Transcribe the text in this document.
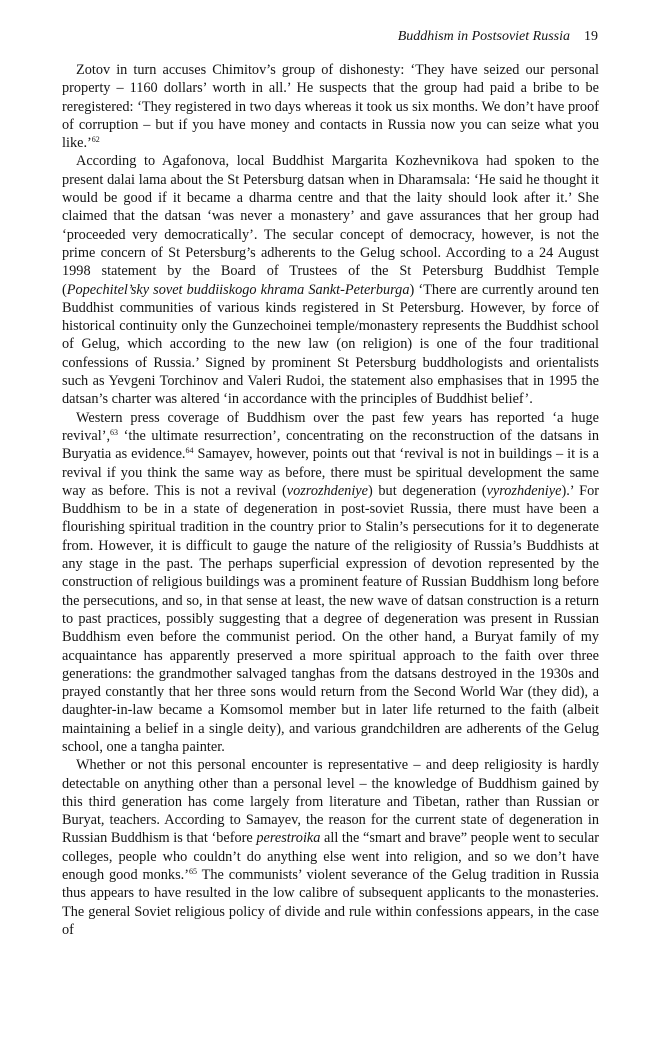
Buddhism in Postsoviet Russia 19

Zotov in turn accuses Chimitov’s group of dishonesty: ‘They have seized our personal property – 1160 dollars’ worth in all.’ He suspects that the group had paid a bribe to be reregistered: ‘They registered in two days whereas it took us six months. We don’t have proof of corruption – but if you have money and contacts in Russia now you can seize what you like.’$^{62}$

According to Agafonova, local Buddhist Margarita Kozhevnikova had spoken to the present dalai lama about the St Petersburg datsan when in Dharamsala: ‘He said he thought it would be good if it became a dharma centre and that the laity should look after it.’ She claimed that the datsan ‘was never a monastery’ and gave assurances that her group had ‘proceeded very democratically’. The secular concept of democracy, however, is not the prime concern of St Petersburg’s adherents to the Gelug school. According to a 24 August 1998 statement by the Board of Trustees of the St Petersburg Buddhist Temple (Popechitel’sky sovet buddiiskogo khrama Sankt-Peterburga) ‘There are currently around ten Buddhist communities of various kinds registered in St Petersburg. However, by force of historical continuity only the Gunzechoinei temple/monastery represents the Buddhist school of Gelug, which according to the new law (on religion) is one of the four traditional confessions of Russia.’ Signed by prominent St Petersburg buddhologists and orientalists such as Yevgeni Torchinov and Valeri Rudoi, the statement also emphasises that in 1995 the datsan’s charter was altered ‘in accordance with the principles of Buddhist belief’.

Western press coverage of Buddhism over the past few years has reported ‘a huge revival’,$^{63}$ ‘the ultimate resurrection’, concentrating on the reconstruction of the datsans in Buryatia as evidence.$^{64}$ Samayev, however, points out that ‘revival is not in buildings – it is a revival if you think the same way as before, there must be spiritual development the same way as before. This is not a revival (vozrozhdeniye) but degeneration (vyrozhdeniye).’ For Buddhism to be in a state of degeneration in post-soviet Russia, there must have been a flourishing spiritual tradition in the country prior to Stalin’s persecutions for it to degenerate from. However, it is difficult to gauge the nature of the religiosity of Russia’s Buddhists at any stage in the past. The perhaps superficial expression of devotion represented by the construction of religious buildings was a prominent feature of Russian Buddhism long before the persecutions, and so, in that sense at least, the new wave of datsan construction is a return to past practices, possibly suggesting that a degree of degeneration was present in Russian Buddhism even before the communist period. On the other hand, a Buryat family of my acquaintance has apparently preserved a more spiritual approach to the faith over three generations: the grandmother salvaged tanghas from the datsans destroyed in the 1930s and prayed constantly that her three sons would return from the Second World War (they did), a daughter-in-law became a Komsomol member but in later life returned to the faith (albeit maintaining a belief in a single deity), and various grandchildren are adherents of the Gelug school, one a tangha painter.

Whether or not this personal encounter is representative – and deep religiosity is hardly detectable on anything other than a personal level – the knowledge of Buddhism gained by this third generation has come largely from literature and Tibetan, rather than Russian or Buryat, teachers. According to Samayev, the reason for the current state of degeneration in Russian Buddhism is that ‘before perestroika all the “smart and brave” people went to secular colleges, people who couldn’t do anything else went into religion, and so we don’t have enough good monks.’$^{65}$ The communists’ violent severance of the Gelug tradition in Russia thus appears to have resulted in the low calibre of subsequent applicants to the monasteries. The general Soviet religious policy of divide and rule within confessions appears, in the case of
